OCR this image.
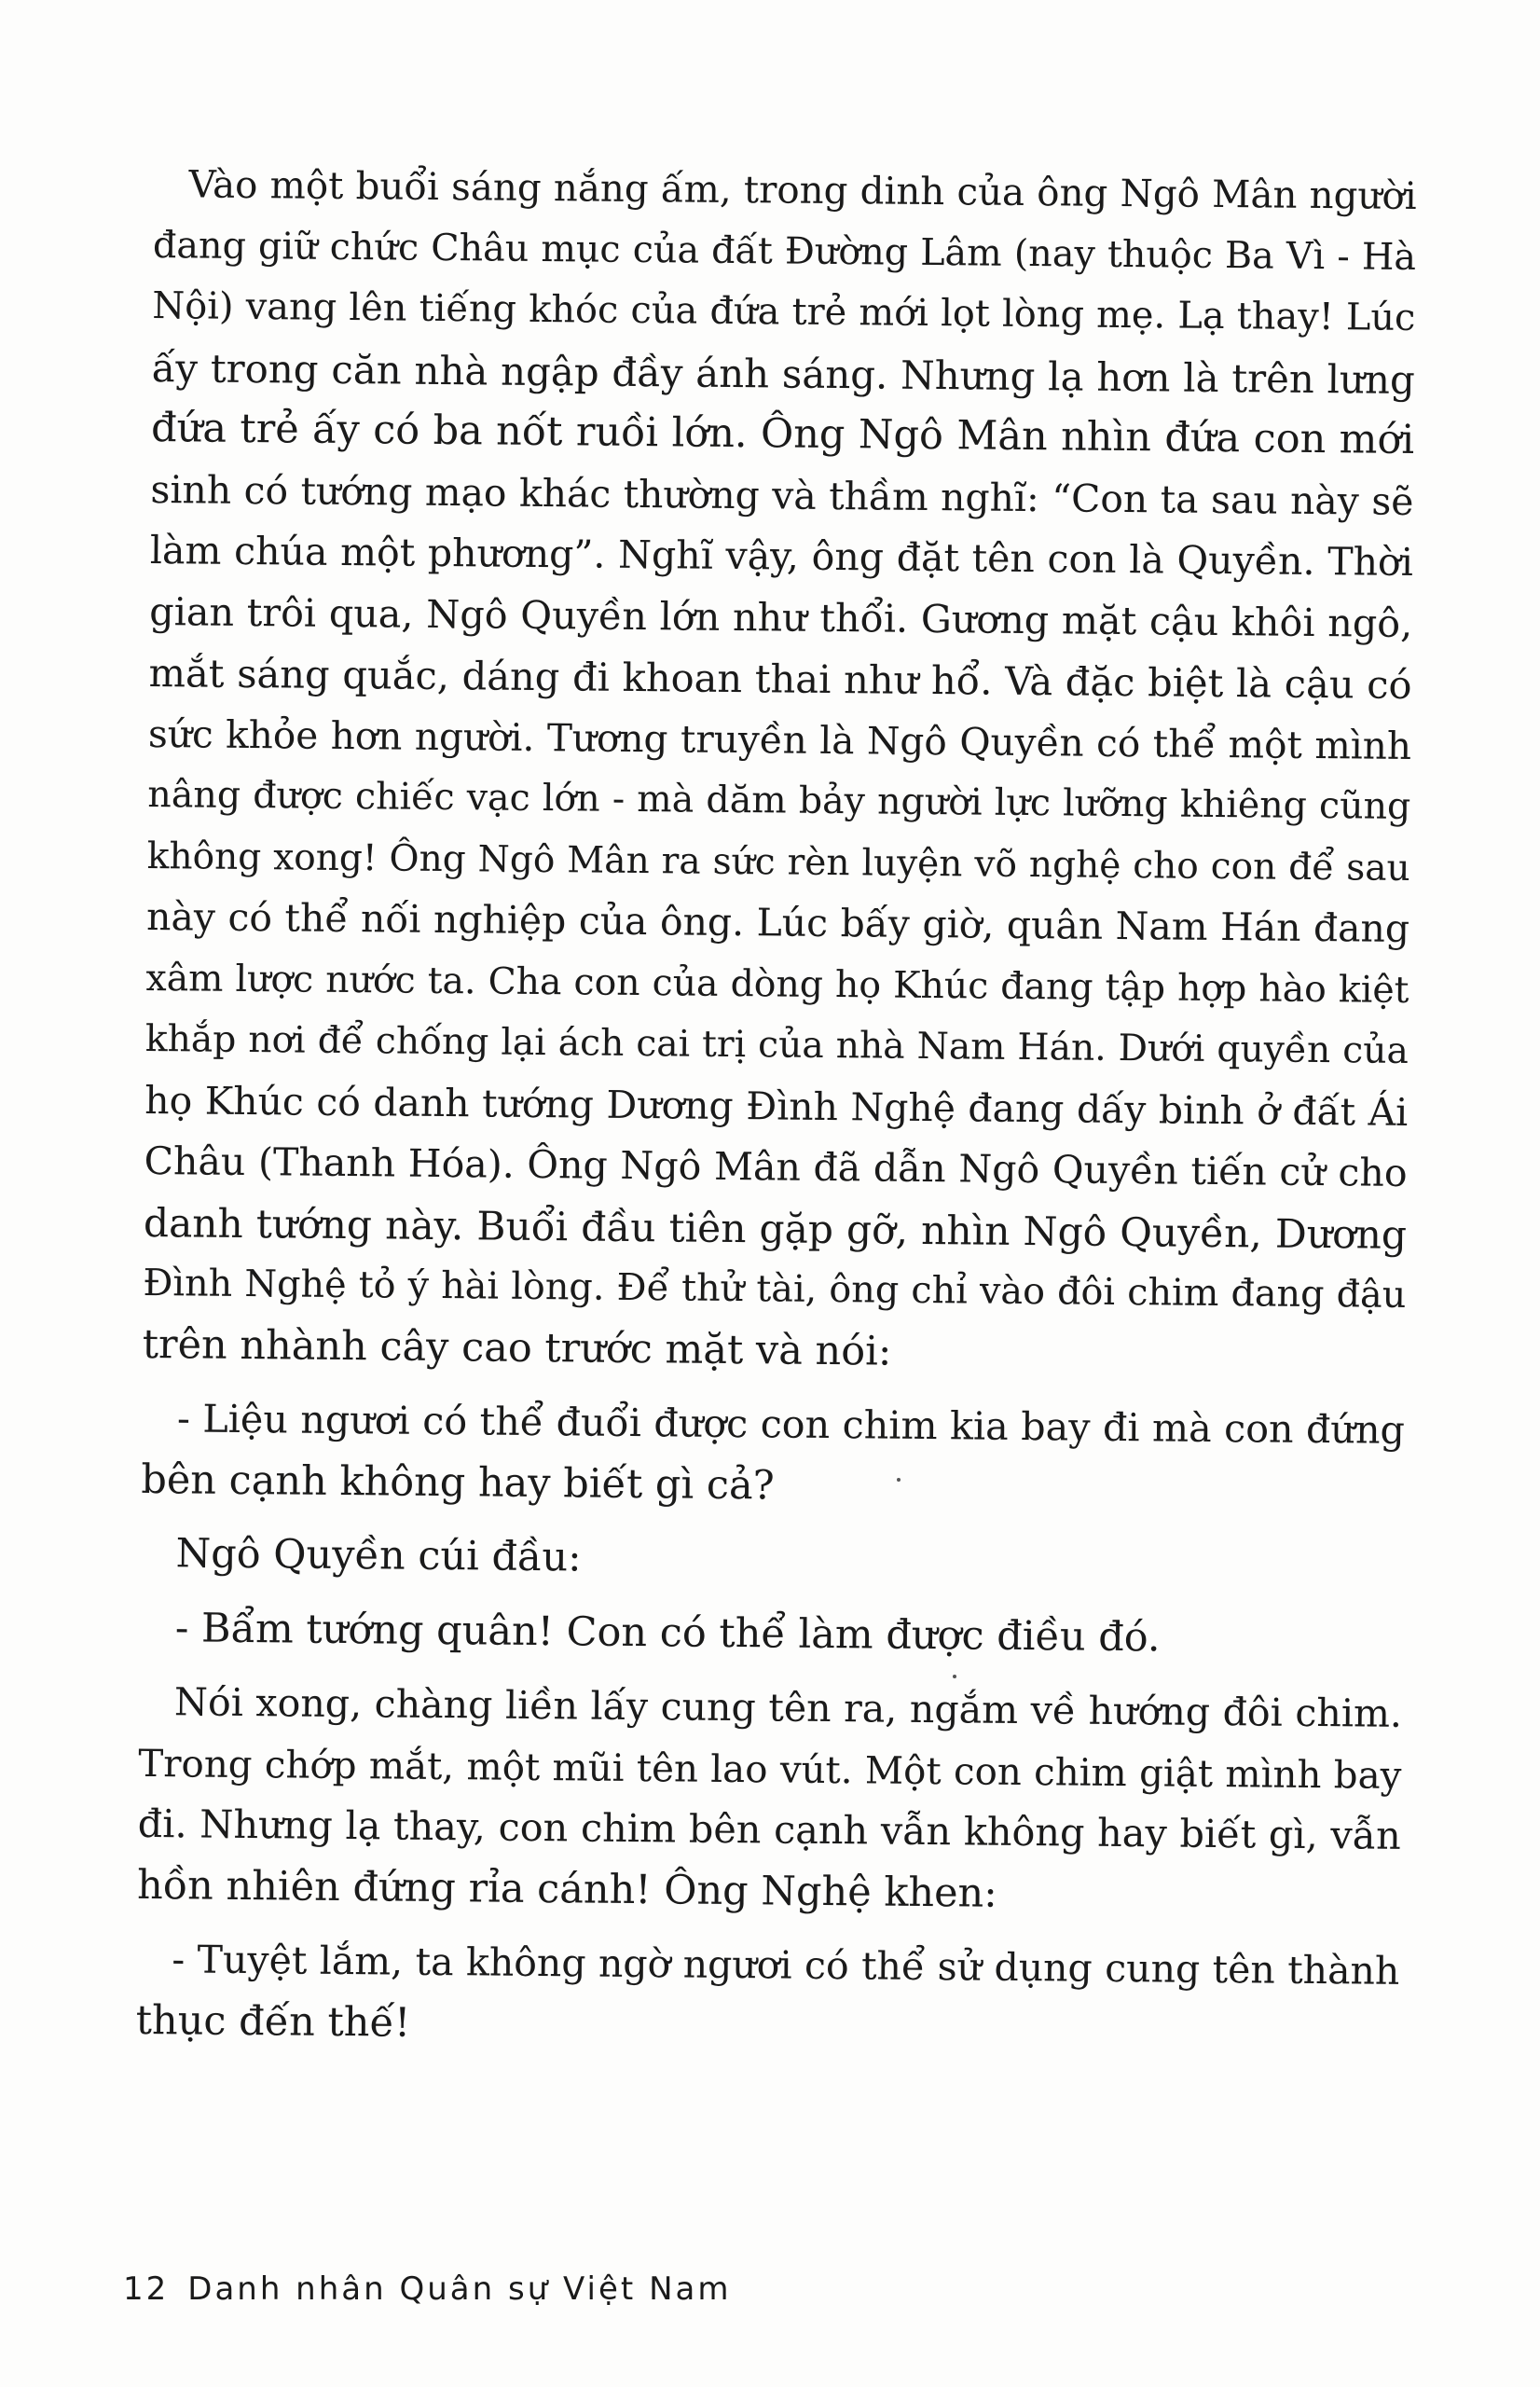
Vào một buổi sáng nắng ấm, trong dinh của ông Ngô Mân người
đang giữ chức Châu mục của đất Đường Lâm (nay thuộc Ba Vì - Hà
Nội) vang lên tiếng khóc của đứa trẻ mới lọt lòng mẹ. Lạ thay! Lúc
ấy trong căn nhà ngập đầy ánh sáng. Nhưng lạ hơn là trên lưng
đứa trẻ ấy có ba nốt ruồi lớn. Ông Ngô Mân nhìn đứa con mới
sinh có tướng mạo khác thường và thầm nghĩ: “Con ta sau này sẽ
làm chúa một phương”. Nghĩ vậy, ông đặt tên con là Quyền. Thời
gian trôi qua, Ngô Quyền lớn như thổi. Gương mặt cậu khôi ngô,
mắt sáng quắc, dáng đi khoan thai như hổ. Và đặc biệt là cậu có
sức khỏe hơn người. Tương truyền là Ngô Quyền có thể một mình
nâng được chiếc vạc lớn - mà dăm bảy người lực lưỡng khiêng cũng
không xong! Ông Ngô Mân ra sức rèn luyện võ nghệ cho con để sau
này có thể nối nghiệp của ông. Lúc bấy giờ, quân Nam Hán đang
xâm lược nước ta. Cha con của dòng họ Khúc đang tập hợp hào kiệt
khắp nơi để chống lại ách cai trị của nhà Nam Hán. Dưới quyền của
họ Khúc có danh tướng Dương Đình Nghệ đang dấy binh ở đất Ái
Châu (Thanh Hóa). Ông Ngô Mân đã dẫn Ngô Quyền tiến cử cho
danh tướng này. Buổi đầu tiên gặp gỡ, nhìn Ngô Quyền, Dương
Đình Nghệ tỏ ý hài lòng. Để thử tài, ông chỉ vào đôi chim đang đậu
trên nhành cây cao trước mặt và nói:
- Liệu ngươi có thể đuổi được con chim kia bay đi mà con đứng
bên cạnh không hay biết gì cả?
Ngô Quyền cúi đầu:
- Bẩm tướng quân! Con có thể làm được điều đó.
Nói xong, chàng liền lấy cung tên ra, ngắm về hướng đôi chim.
Trong chớp mắt, một mũi tên lao vút. Một con chim giật mình bay
đi. Nhưng lạ thay, con chim bên cạnh vẫn không hay biết gì, vẫn
hồn nhiên đứng rỉa cánh! Ông Nghệ khen:
- Tuyệt lắm, ta không ngờ ngươi có thể sử dụng cung tên thành
thục đến thế!
12 Danh nhân Quân sự Việt Nam
